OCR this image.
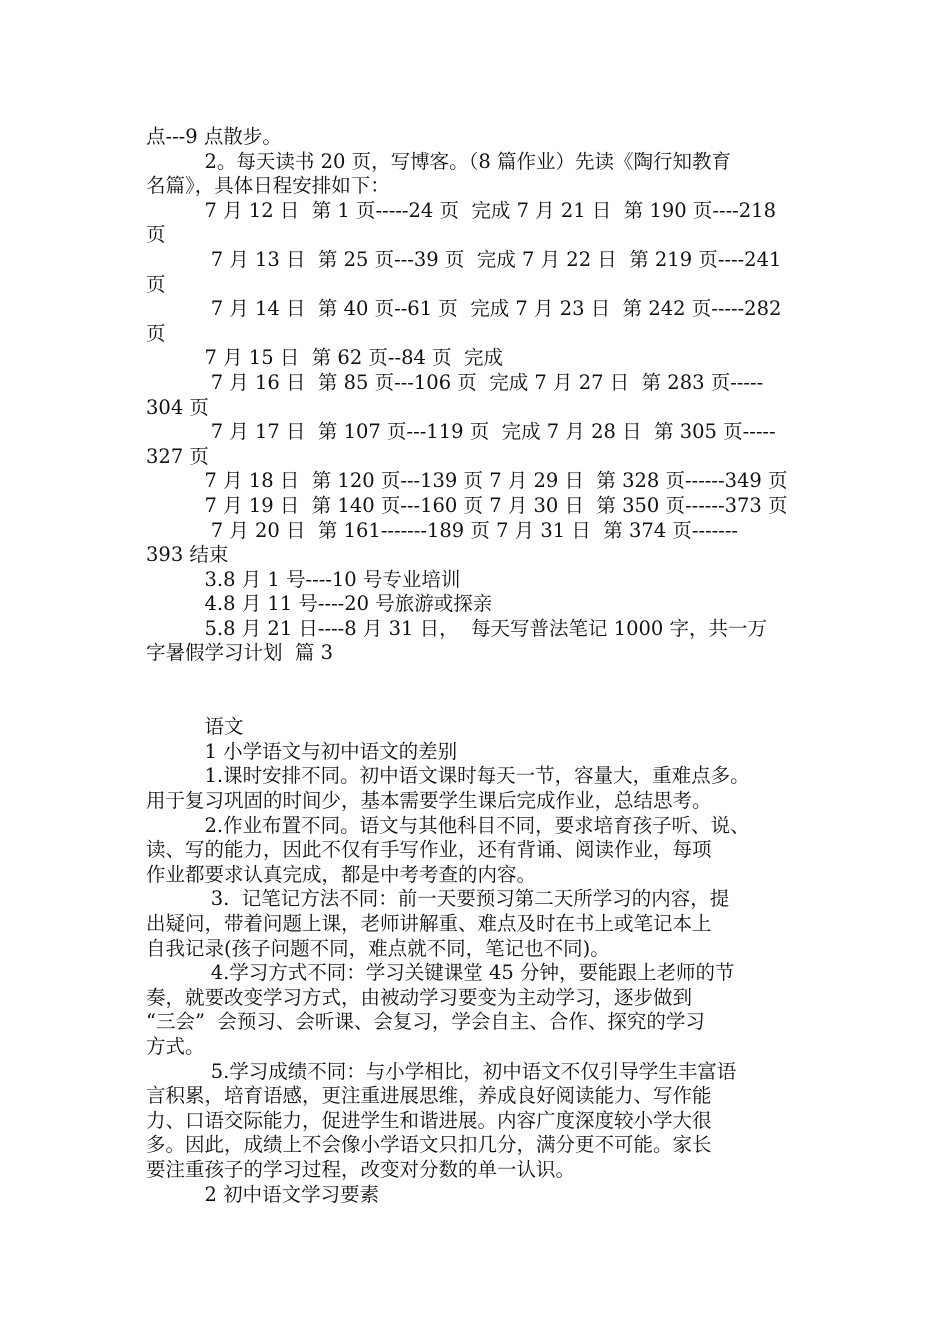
点---9 点散步。
　　　2。每天读书 20 页，写博客。（8 篇作业）先读《陶行知教育
名篇》，具体日程安排如下：
　　　7 月 12 日  第 1 页-----24 页  完成 7 月 21 日  第 190 页----218
页
　　　 7 月 13 日  第 25 页---39 页  完成 7 月 22 日  第 219 页----241
页
　　　 7 月 14 日  第 40 页--61 页  完成 7 月 23 日  第 242 页-----282
页
　　　7 月 15 日  第 62 页--84 页  完成
　　　 7 月 16 日  第 85 页---106 页  完成 7 月 27 日  第 283 页-----
304 页
　　　 7 月 17 日  第 107 页---119 页  完成 7 月 28 日  第 305 页-----
327 页
　　　7 月 18 日  第 120 页---139 页 7 月 29 日  第 328 页------349 页
　　　7 月 19 日  第 140 页---160 页 7 月 30 日  第 350 页------373 页
　　　 7 月 20 日  第 161-------189 页 7 月 31 日  第 374 页-------
393 结束
　　　3.8 月 1 号----10 号专业培训
　　　4.8 月 11 号----20 号旅游或探亲
　　　5.8 月 21 日----8 月 31 日，  每天写普法笔记 1000 字，共一万
字暑假学习计划  篇 3
　　　语文
　　　1 小学语文与初中语文的差别
　　　1.课时安排不同。初中语文课时每天一节，容量大，重难点多。
用于复习巩固的时间少，基本需要学生课后完成作业，总结思考。
　　　2.作业布置不同。语文与其他科目不同，要求培育孩子听、说、
读、写的能力，因此不仅有手写作业，还有背诵、阅读作业，每项
作业都要求认真完成，都是中考考查的内容。
　　　 3.  记笔记方法不同：前一天要预习第二天所学习的内容，提
出疑问，带着问题上课，老师讲解重、难点及时在书上或笔记本上
自我记录(孩子问题不同，难点就不同，笔记也不同)。
　　　 4.学习方式不同：学习关键课堂 45 分钟，要能跟上老师的节
奏，就要改变学习方式，由被动学习要变为主动学习，逐步做到
“三会”  会预习、会听课、会复习，学会自主、合作、探究的学习
方式。
　　　 5.学习成绩不同：与小学相比，初中语文不仅引导学生丰富语
言积累，培育语感，更注重进展思维，养成良好阅读能力、写作能
力、口语交际能力，促进学生和谐进展。内容广度深度较小学大很
多。因此，成绩上不会像小学语文只扣几分，满分更不可能。家长
要注重孩子的学习过程，改变对分数的单一认识。
　　　2 初中语文学习要素
